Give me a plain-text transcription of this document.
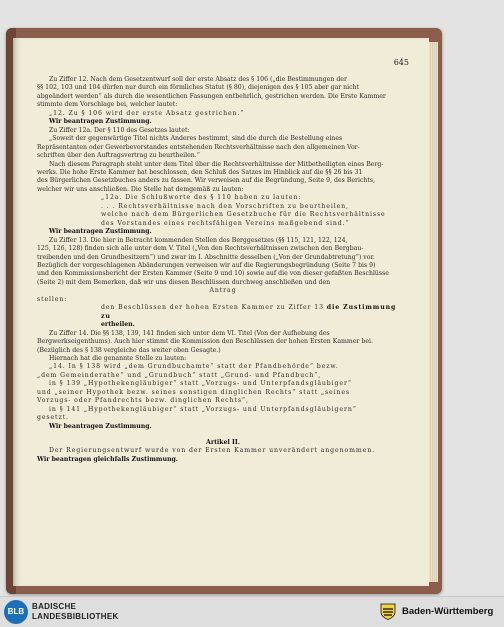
645

Zu Ziffer 12. Nach dem Gesetzentwurf soll der erste Absatz des § 106 („die Bestimmungen der

§§ 102, 103 und 104 dürfen nur durch ein förmliches Statut (§ 80), diejenigen des § 105 aber gar nicht

abgeändert werden“ als durch die wesentlichen Fassungen entbehrlich, gestrichen werden. Die Erste Kammer

stimmte dem Vorschlage bei, welcher lautet:

„12. Zu § 106 wird der erste Absatz gestrichen.“

Wir beantragen Zustimmung.

Zu Ziffer 12a. Der § 110 des Gesetzes lautet:

„Soweit der gegenwärtige Titel nichts Anderes bestimmt, sind die durch die Bestellung eines

Repräsentanten oder Gewerbevorstandes entstehenden Rechtsverhältnisse nach den allgemeinen Vor-

schriften über den Auftragsvertrag zu beurtheilen.“

Nach diesem Paragraph steht unter dem Titel über die Rechtsverhältnisse der Mitbetheiligten eines Berg-

werks. Die hohe Erste Kammer hat beschlossen, den Schluß des Satzes im Hinblick auf die §§ 26 bis 31

des Bürgerlichen Gesetzbuches anders zu fassen. Wir verweisen auf die Begründung, Seite 9, des Berichts,

welcher wir uns anschließen. Die Stelle hat demgemäß zu lauten:

„12a. Die Schlußworte des § 110 haben zu lauten:

. . . Rechtsverhältnisse nach den Vorschriften zu beurtheilen,

welche nach dem Bürgerlichen Gesetzbuche für die Rechtsverhältnisse

des Vorstandes eines rechtsfähigen Vereins maßgebend sind.“

Wir beantragen Zustimmung.

Zu Ziffer 13. Die hier in Betracht kommenden Stellen des Berggesetzes (§§ 115, 121, 122, 124,

125, 126, 128) finden sich alle unter dem V. Titel („Von den Rechtsverhältnissen zwischen den Bergbau-

treibenden und den Grundbesitzern“) und zwar im I. Abschnitte desselben („Von der Grundabtretung“) vor.

Bezüglich der vorgeschlagenen Abänderungen verweisen wir auf die Regierungsbegründung (Seite 7 bis 9)

und den Kommissionsbericht der Ersten Kammer (Seite 9 und 10) sowie auf die von dieser gefaßten Beschlüsse

(Seite 2) mit dem Bemerken, daß wir uns diesen Beschlüssen durchweg anschließen und den

Antrag

stellen:

den Beschlüssen der hohen Ersten Kammer zu Ziffer 13 die Zustimmung zu

ertheilen.

Zu Ziffer 14. Die §§ 138, 139, 141 finden sich unter dem VI. Titel (Von der Aufhebung des

Bergwerkseigenthums). Auch hier stimmt die Kommission den Beschlüssen der hohen Ersten Kammer bei.

(Bezüglich des § 138 vergleiche das weiter oben Gesagte.)

Hiernach hat die genannte Stelle zu lauten:

„14. In § 138 wird „dem Grundbuchamte“ statt der Pfandbehörde“ bezw.

„dem Gemeinderathe“ und „Grundbuch“ statt „Grund- und Pfandbuch“,

in § 139 „Hypothekengläubiger“ statt „Vorzugs- und Unterpfandsgläubiger“

und „seiner Hypothek bezw. seines sonstigen dinglichen Rechts“ statt „seines

Vorzugs- oder Pfandrechts bezw. dinglichen Rechts“,

in § 141 „Hypothekengläubiger“ statt „Vorzugs- und Unterpfandsgläubigern“

gesetzt.

Wir beantragen Zustimmung.

Artikel II.

Der Regierungsentwurf wurde von der Ersten Kammer unverändert angenommen.

Wir beantragen gleichfalls Zustimmung.

BLB
BADISCHE
LANDESBIBLIOTHEK	Baden-Württemberg
